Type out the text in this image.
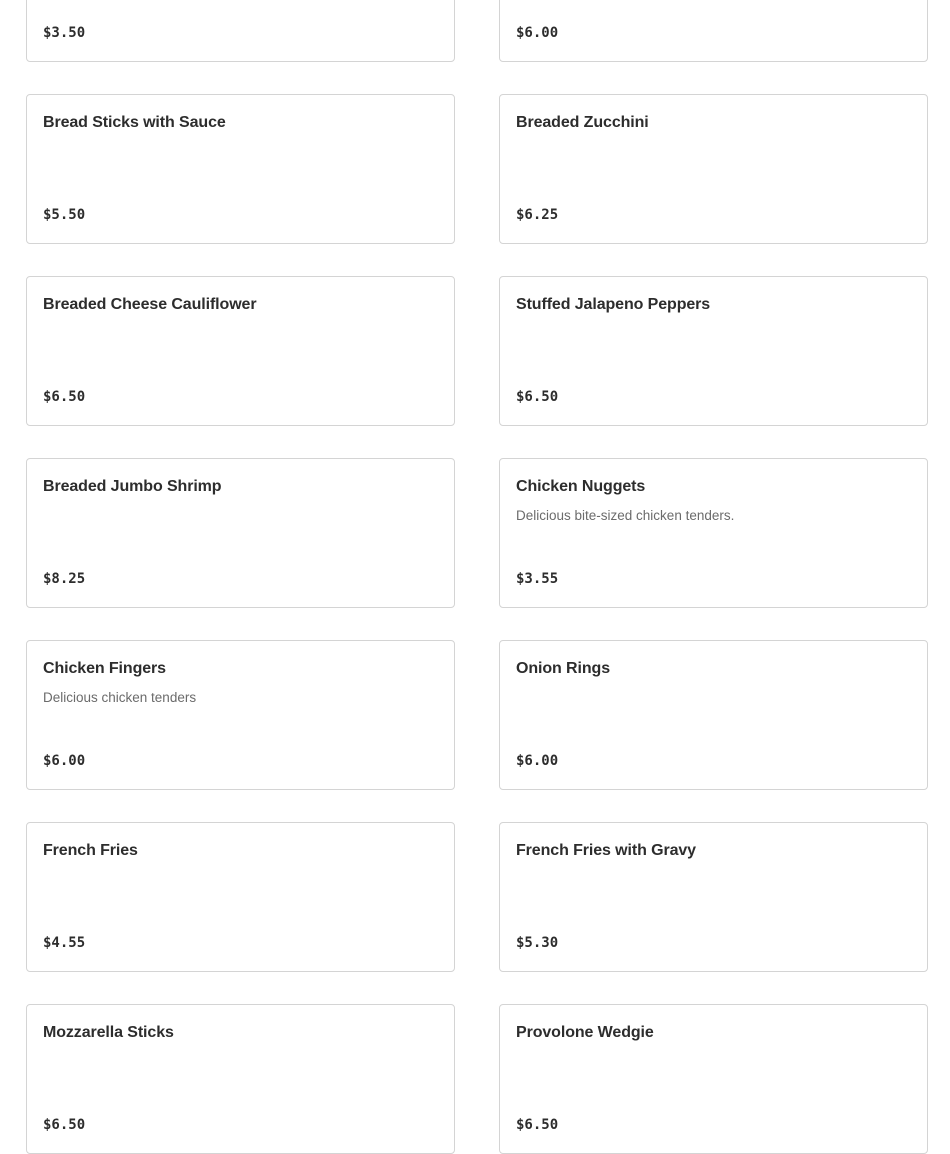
$3.50	$6.00
Bread Sticks with Sauce
$5.50
Breaded Zucchini
$6.25
Breaded Cheese Cauliflower
$6.50
Stuffed Jalapeno Peppers
$6.50
Breaded Jumbo Shrimp
$8.25
Chicken Nuggets
Delicious bite-sized chicken tenders.
$3.55
Chicken Fingers
Delicious chicken tenders
$6.00
Onion Rings
$6.00
French Fries
$4.55
French Fries with Gravy
$5.30
Mozzarella Sticks
$6.50
Provolone Wedgie
$6.50
